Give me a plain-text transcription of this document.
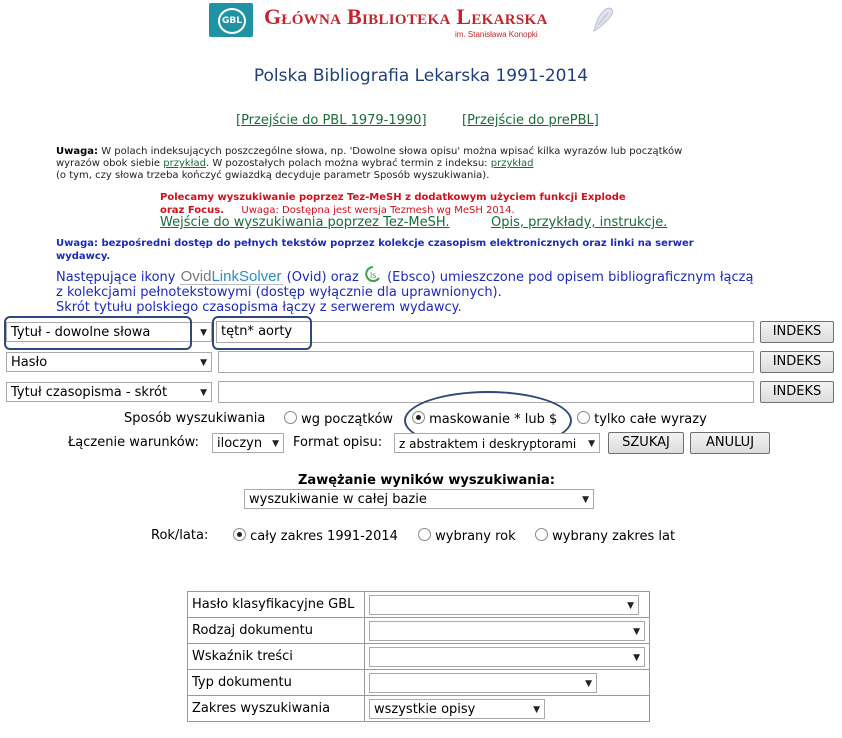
GBL Główna Biblioteka Lekarska
im. Stanisława Konopki
Polska Bibliografia Lekarska 1991-2014
[Przejście do PBL 1979-1990]	[Przejście do prePBL]
Uwaga: W polach indeksujących poszczególne słowa, np. 'Dowolne słowa opisu' można wpisać kilka wyrazów lub początków
wyrazów obok siebie przykład. W pozostałych polach można wybrać termin z indeksu: przykład
(o tym, czy słowa trzeba kończyć gwiazdką decyduje parametr Sposób wyszukiwania).
Polecamy wyszukiwanie poprzez Tez-MeSH z dodatkowym użyciem funkcji Explode
oraz Focus. Uwaga: Dostępna jest wersja Tezmesh wg MeSH 2014.
Wejście do wyszukiwania poprzez Tez-MeSH.	Opis, przykłady, instrukcje.
Uwaga: bezpośredni dostęp do pełnych tekstów poprzez kolekcje czasopism elektronicznych oraz linki na serwer
wydawcy.
Następujące ikony OvidLinkSolver (Ovid) oraz ls (Ebsco) umieszczone pod opisem bibliograficznym łączą
z kolekcjami pełnotekstowymi (dostęp wyłącznie dla uprawnionych).
Skrót tytułu polskiego czasopisma łączy z serwerem wydawcy.
Tytuł - dowolne słowa	▼	tętn* aorty	INDEKS
Hasło	▼	INDEKS
Tytuł czasopisma - skrót	▼	INDEKS
Sposób wyszukiwania	wg początków	maskowanie * lub $	tylko całe wyrazy
Łączenie warunków:	iloczyn ▼ Format opisu:	z abstraktem i deskryptorami ▼	SZUKAJ	ANULUJ
Zawężanie wyników wyszukiwania:
wyszukiwanie w całej bazie	▼
Rok/lata:	cały zakres 1991-2014	wybrany rok	wybrany zakres lat
Hasło klasyfikacyjne GBL	▼

Rodzaj dokumentu	▼

Wskaźnik treści	▼

Typ dokumentu	▼

Zakres wyszukiwania	wszystkie opisy ▼
